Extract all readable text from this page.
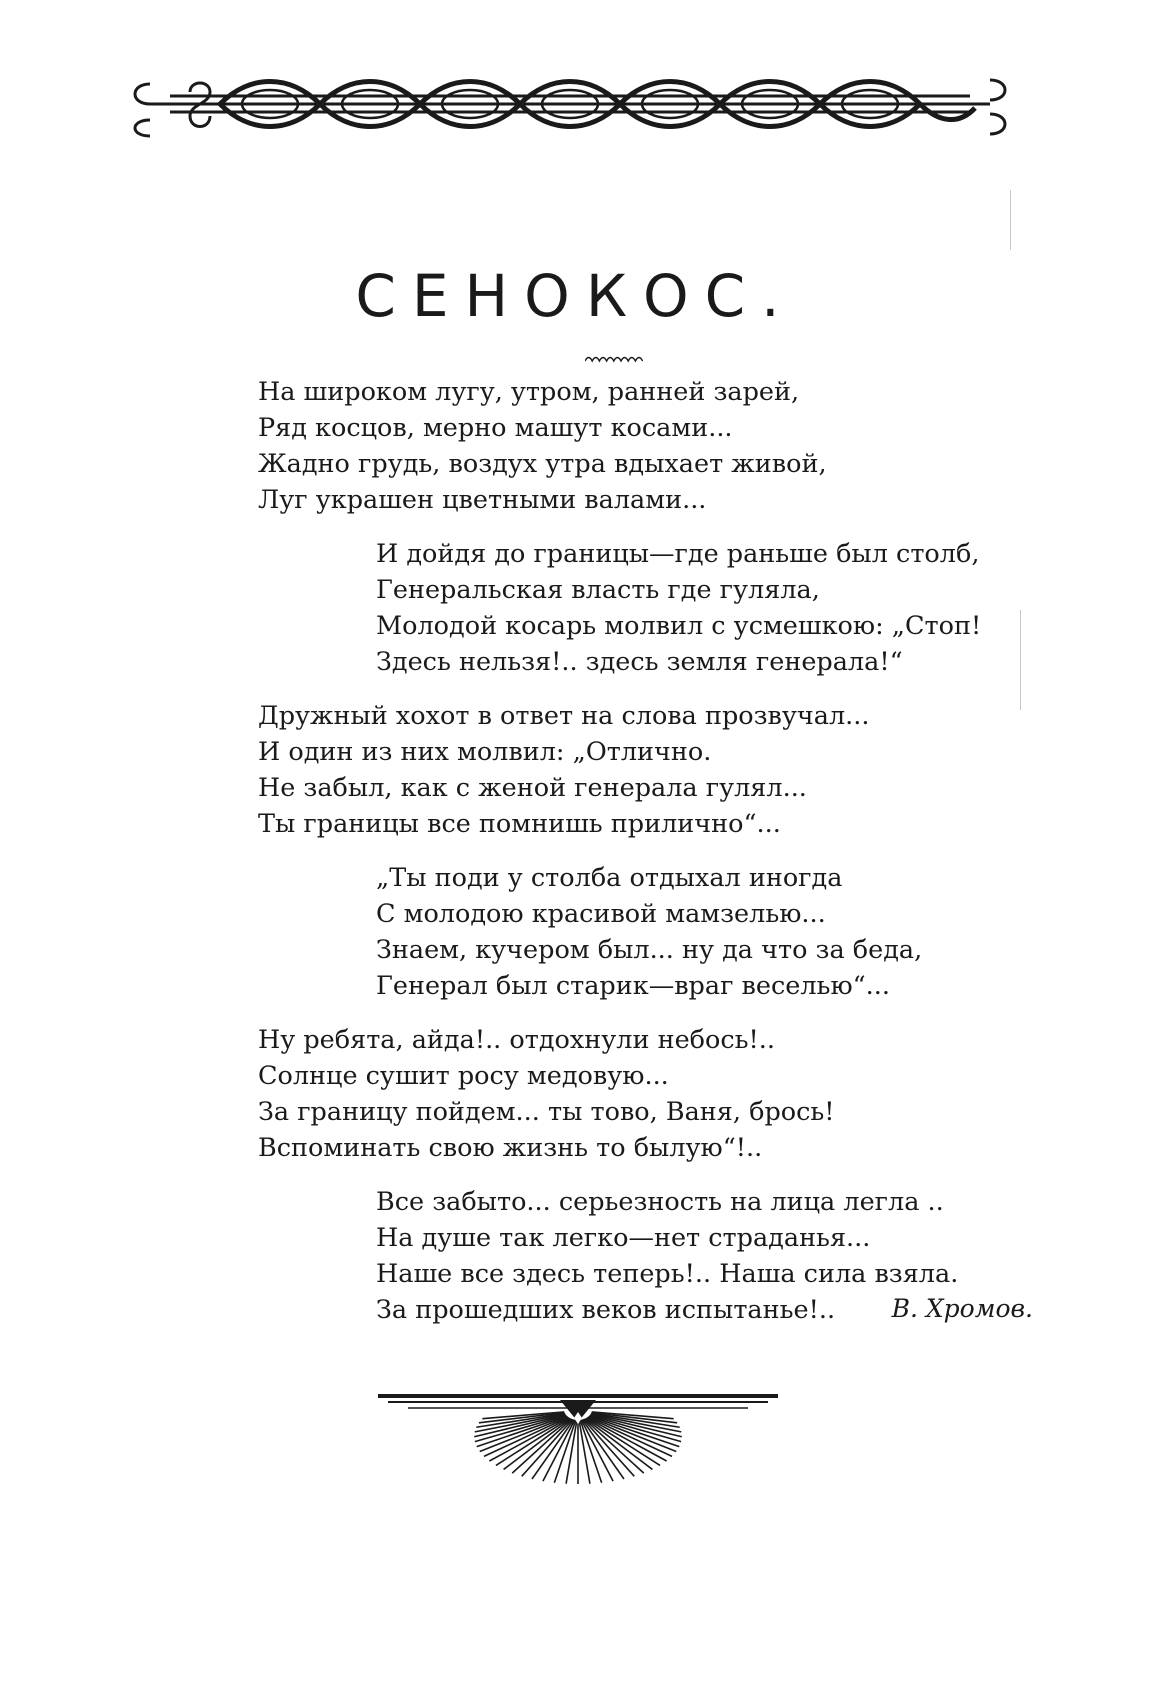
СЕНОКОС.
На широком лугу, утром, ранней зарей,
Ряд косцов, мерно машут косами...
Жадно грудь, воздух утра вдыхает живой,
Луг украшен цветными валами...
И дойдя до границы—где раньше был столб,
Генеральская власть где гуляла,
Молодой косарь молвил с усмешкою: „Стоп!
Здесь нельзя!.. здесь земля генерала!“
Дружный хохот в ответ на слова прозвучал...
И один из них молвил: „Отлично.
Не забыл, как с женой генерала гулял...
Ты границы все помнишь прилично“...
„Ты поди у столба отдыхал иногда
С молодою красивой мамзелью...
Знаем, кучером был... ну да что за беда,
Генерал был старик—враг веселью“...
Ну ребята, айда!.. отдохнули небось!..
Солнце сушит росу медовую...
За границу пойдем... ты тово, Ваня, брось!
Вспоминать свою жизнь то былую“!..
Все забыто... серьезность на лица легла ..
На душе так легко—нет страданья...
Наше все здесь теперь!.. Наша сила взяла.
За прошедших веков испытанье!..	В. Хромов.
